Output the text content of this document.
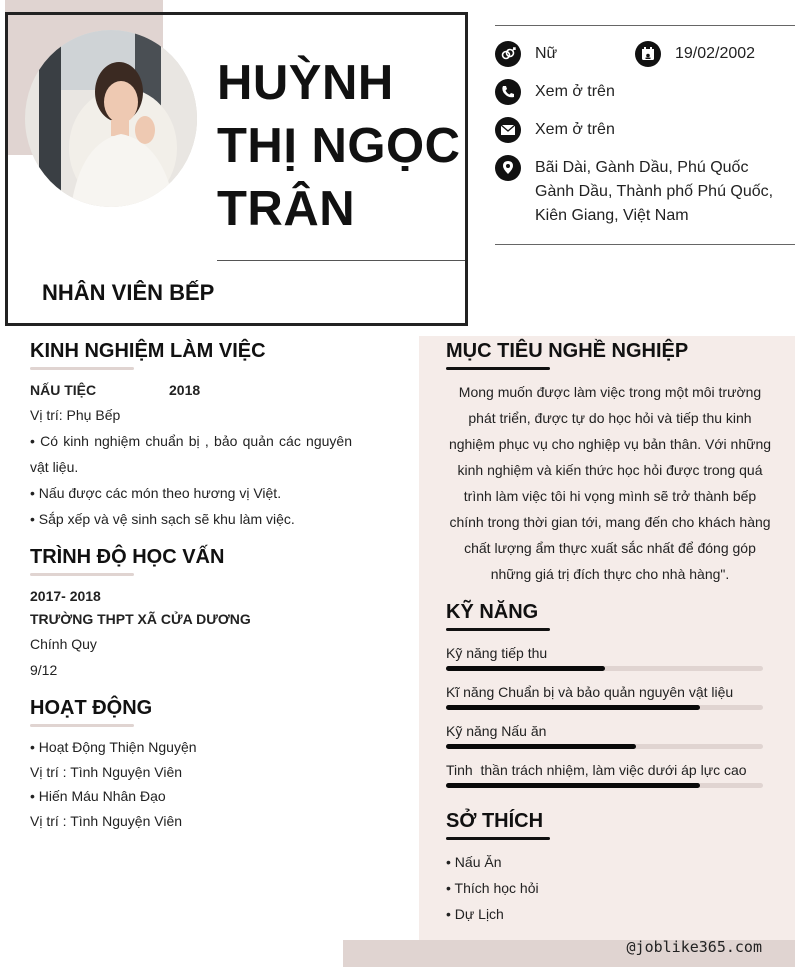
@joblike365.com
HUỲNH
THỊ NGỌC
TRÂN
NHÂN VIÊN BẾP
Nữ	19/02/2002
Xem ở trên
Xem ở trên
Bãi Dài, Gành Dầu, Phú Quốc
Gành Dầu, Thành phố Phú Quốc,
Kiên Giang, Việt Nam
KINH NGHIỆM LÀM VIỆC
NẤU TIỆC	2018
Vị trí: Phụ Bếp
• Có kinh nghiệm chuẩn bị , bảo quản các nguyên vật liệu.
• Nấu được các món theo hương vị Việt.
• Sắp xếp và vệ sinh sạch sẽ khu làm việc.
TRÌNH ĐỘ HỌC VẤN
2017- 2018
TRƯỜNG THPT XÃ CỬA DƯƠNG
Chính Quy
9/12
HOẠT ĐỘNG
• Hoạt Động Thiện Nguyện
Vị trí : Tình Nguyện Viên
• Hiến Máu Nhân Đạo
Vị trí : Tình Nguyện Viên
MỤC TIÊU NGHỀ NGHIỆP
Mong muốn được làm việc trong một môi trường phát triển, được tự do học hỏi và tiếp thu kinh nghiệm phục vụ cho nghiệp vụ bản thân. Với những kinh nghiệm và kiến thức học hỏi được trong quá trình làm việc tôi hi vọng mình sẽ trở thành bếp chính trong thời gian tới, mang đến cho khách hàng chất lượng ẩm thực xuất sắc nhất để đóng góp những giá trị đích thực cho nhà hàng".
KỸ NĂNG
Kỹ năng tiếp thu
Kĩ năng Chuẩn bị và bảo quản nguyên vật liệu
Kỹ năng Nấu ăn
Tinh  thần trách nhiệm, làm việc dưới áp lực cao
SỞ THÍCH
• Nấu Ăn
• Thích học hỏi
• Dự Lịch
